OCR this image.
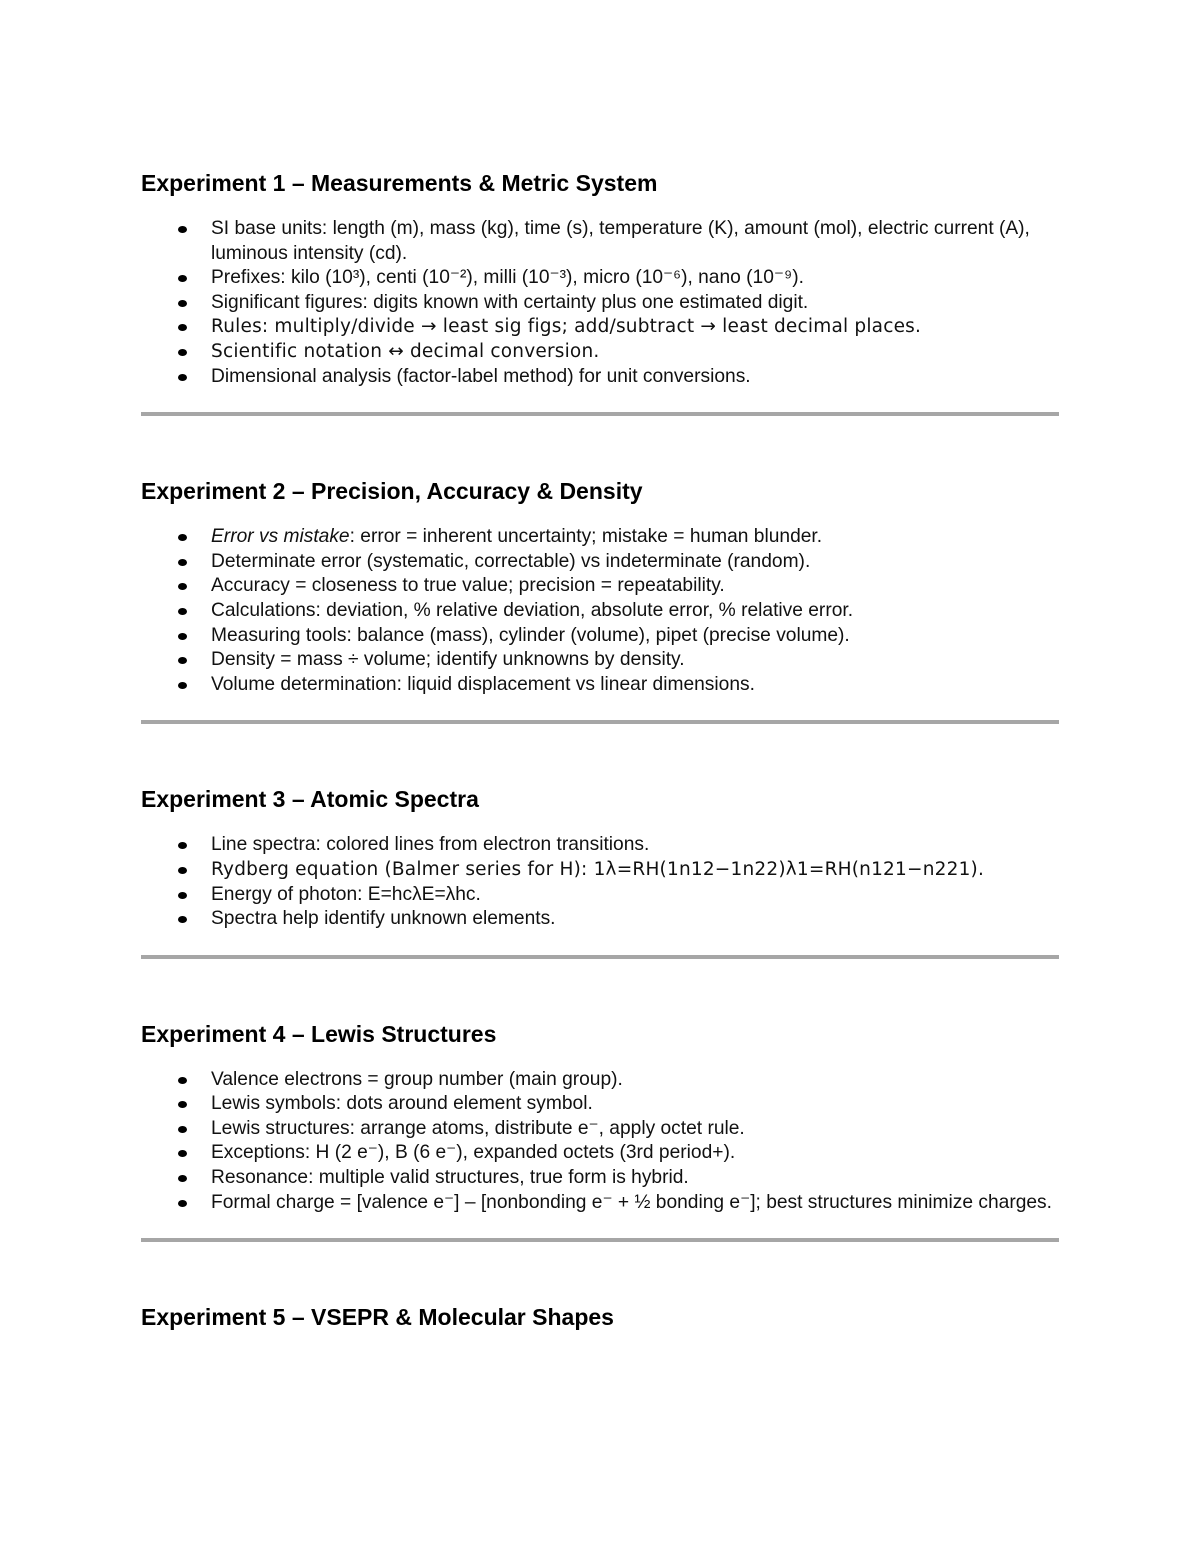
Experiment 1 – Measurements & Metric System
SI base units: length (m), mass (kg), time (s), temperature (K), amount (mol), electric current (A), luminous intensity (cd).
Prefixes: kilo (10³), centi (10⁻²), milli (10⁻³), micro (10⁻⁶), nano (10⁻⁹).
Significant figures: digits known with certainty plus one estimated digit.
Rules: multiply/divide → least sig figs; add/subtract → least decimal places.
Scientific notation ↔ decimal conversion.
Dimensional analysis (factor-label method) for unit conversions.
Experiment 2 – Precision, Accuracy & Density
Error vs mistake: error = inherent uncertainty; mistake = human blunder.
Determinate error (systematic, correctable) vs indeterminate (random).
Accuracy = closeness to true value; precision = repeatability.
Calculations: deviation, % relative deviation, absolute error, % relative error.
Measuring tools: balance (mass), cylinder (volume), pipet (precise volume).
Density = mass ÷ volume; identify unknowns by density.
Volume determination: liquid displacement vs linear dimensions.
Experiment 3 – Atomic Spectra
Line spectra: colored lines from electron transitions.
Rydberg equation (Balmer series for H): 1λ=RH(1n12−1n22)λ1​=RH​(n121​−n221​).
Energy of photon: E=hcλE=λhc​.
Spectra help identify unknown elements.
Experiment 4 – Lewis Structures
Valence electrons = group number (main group).
Lewis symbols: dots around element symbol.
Lewis structures: arrange atoms, distribute e⁻, apply octet rule.
Exceptions: H (2 e⁻), B (6 e⁻), expanded octets (3rd period+).
Resonance: multiple valid structures, true form is hybrid.
Formal charge = [valence e⁻] – [nonbonding e⁻ + ½ bonding e⁻]; best structures minimize charges.
Experiment 5 – VSEPR & Molecular Shapes
